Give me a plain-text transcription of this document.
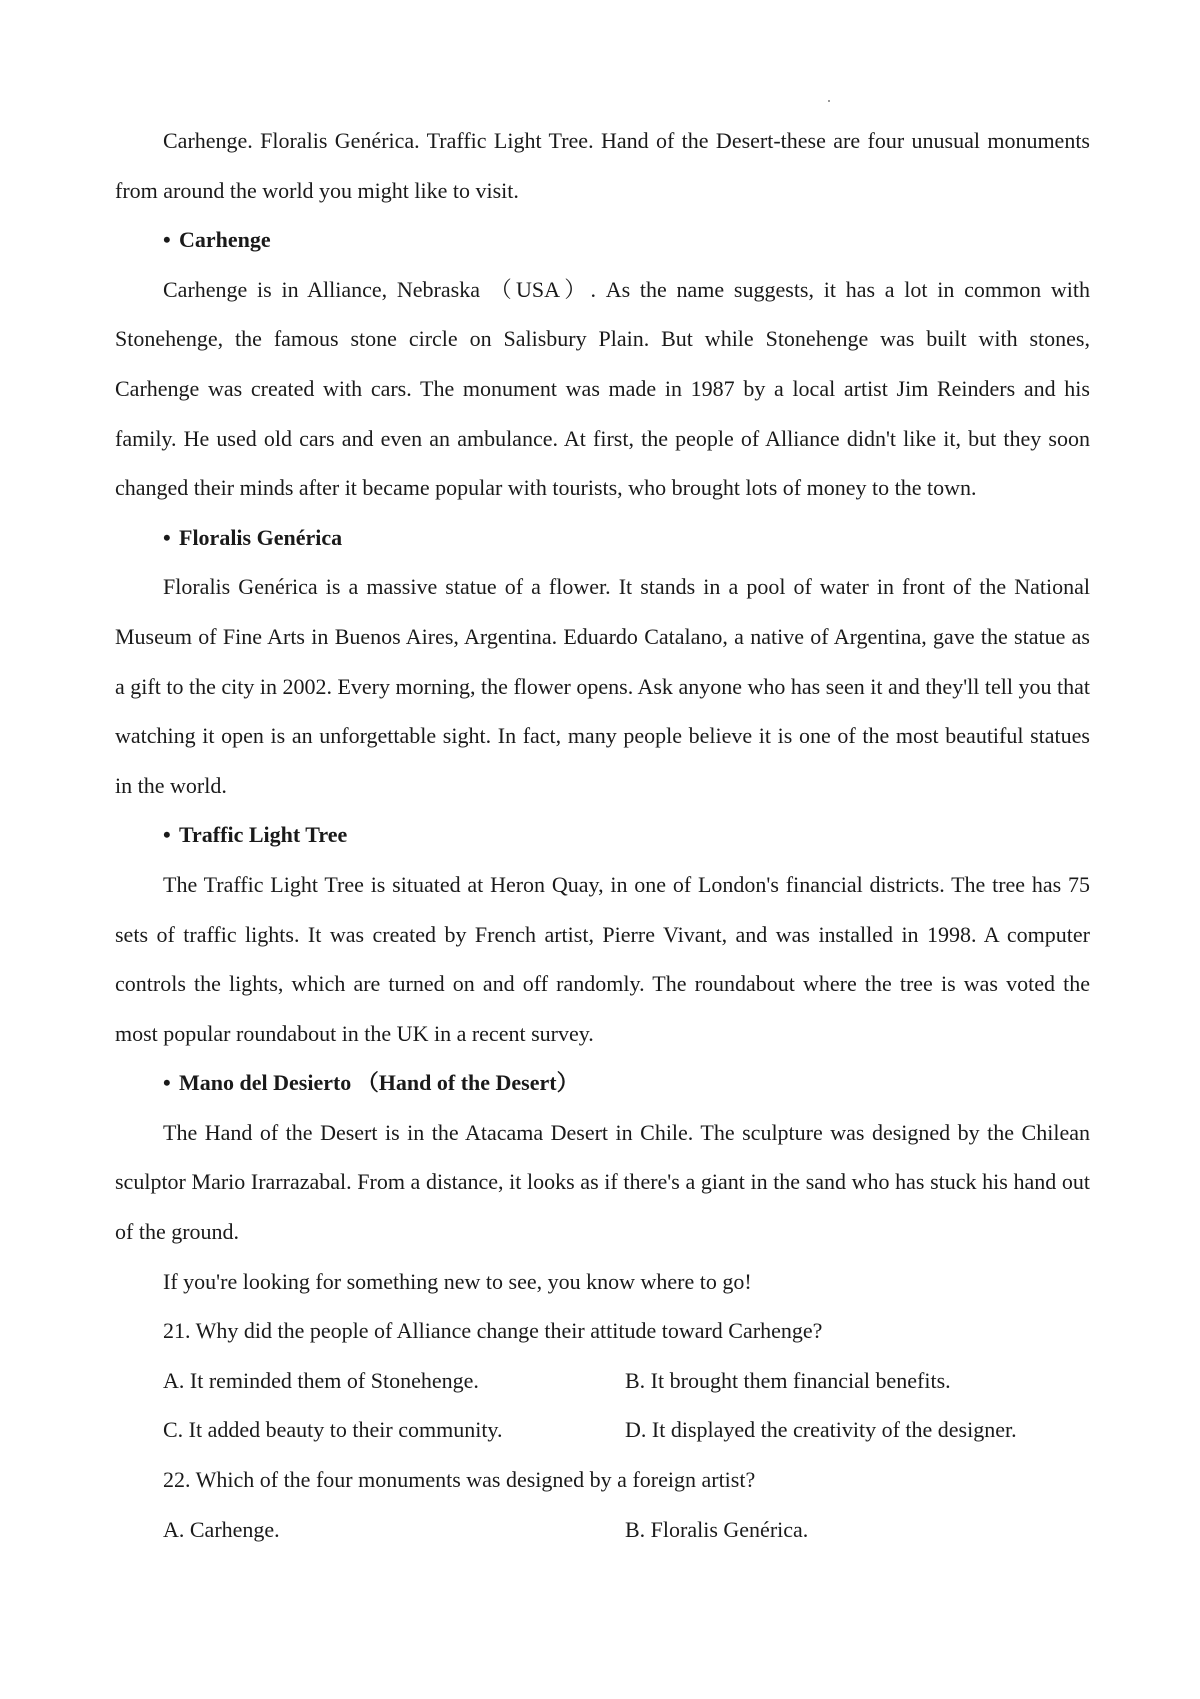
Carhenge. Floralis Genérica. Traffic Light Tree. Hand of the Desert-these are four unusual monuments from around the world you might like to visit.

• Carhenge

Carhenge is in Alliance, Nebraska （USA）. As the name suggests, it has a lot in common with Stonehenge, the famous stone circle on Salisbury Plain. But while Stonehenge was built with stones, Carhenge was created with cars. The monument was made in 1987 by a local artist Jim Reinders and his family. He used old cars and even an ambulance. At first, the people of Alliance didn't like it, but they soon changed their minds after it became popular with tourists, who brought lots of money to the town.

• Floralis Genérica

Floralis Genérica is a massive statue of a flower. It stands in a pool of water in front of the National Museum of Fine Arts in Buenos Aires, Argentina. Eduardo Catalano, a native of Argentina, gave the statue as a gift to the city in 2002. Every morning, the flower opens. Ask anyone who has seen it and they'll tell you that watching it open is an unforgettable sight. In fact, many people believe it is one of the most beautiful statues in the world.

• Traffic Light Tree

The Traffic Light Tree is situated at Heron Quay, in one of London's financial districts. The tree has 75 sets of traffic lights. It was created by French artist, Pierre Vivant, and was installed in 1998. A computer controls the lights, which are turned on and off randomly. The roundabout where the tree is was voted the most popular roundabout in the UK in a recent survey.

• Mano del Desierto （Hand of the Desert）

The Hand of the Desert is in the Atacama Desert in Chile. The sculpture was designed by the Chilean sculptor Mario Irarrazabal. From a distance, it looks as if there's a giant in the sand who has stuck his hand out of the ground.

If you're looking for something new to see, you know where to go!

21. Why did the people of Alliance change their attitude toward Carhenge?

A. It reminded them of Stonehenge.	B. It brought them financial benefits.
C. It added beauty to their community.	D. It displayed the creativity of the designer.

22. Which of the four monuments was designed by a foreign artist?

A. Carhenge.	B. Floralis Genérica.
